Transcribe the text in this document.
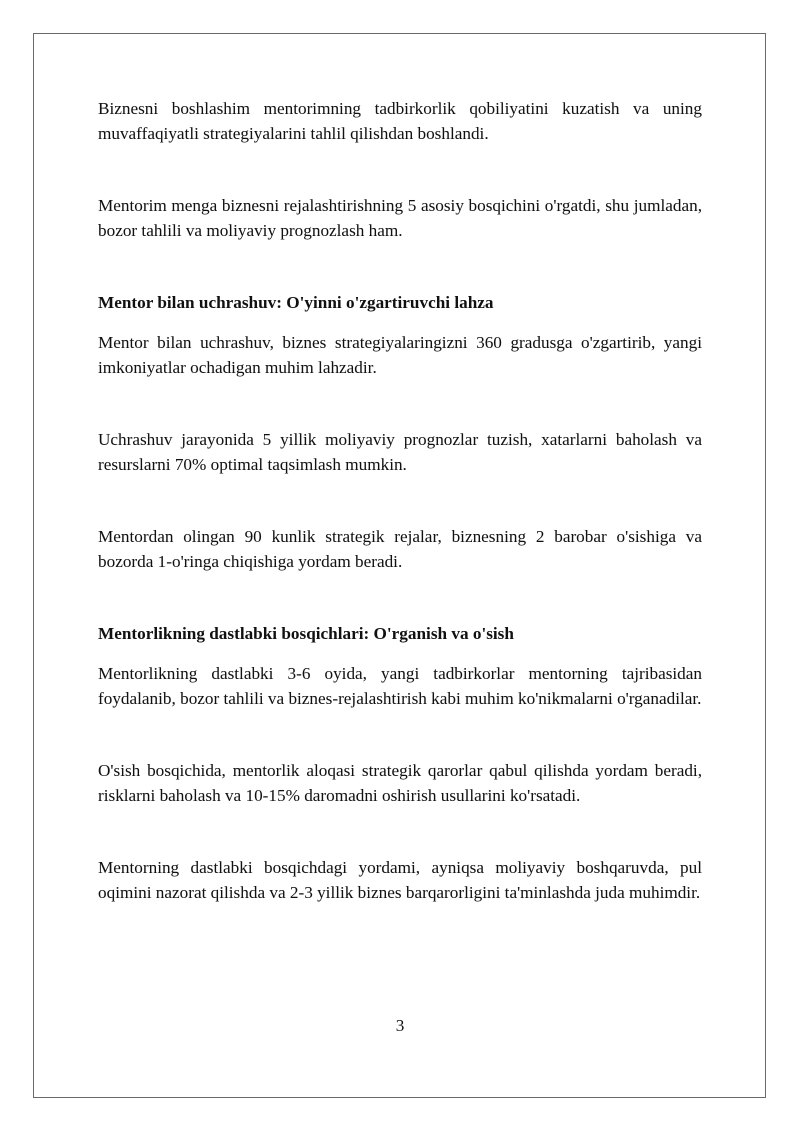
Biznesni boshlashim mentorimning tadbirkorlik qobiliyatini kuzatish va uning muvaffaqiyatli strategiyalarini tahlil qilishdan boshlandi.

Mentorim menga biznesni rejalashtirishning 5 asosiy bosqichini o'rgatdi, shu jumladan, bozor tahlili va moliyaviy prognozlash ham.

Mentor bilan uchrashuv: O'yinni o'zgartiruvchi lahza

Mentor bilan uchrashuv, biznes strategiyalaringizni 360 gradusga o'zgartirib, yangi imkoniyatlar ochadigan muhim lahzadir.

Uchrashuv jarayonida 5 yillik moliyaviy prognozlar tuzish, xatarlarni baholash va resurslarni 70% optimal taqsimlash mumkin.

Mentordan olingan 90 kunlik strategik rejalar, biznesning 2 barobar o'sishiga va bozorda 1-o'ringa chiqishiga yordam beradi.

Mentorlikning dastlabki bosqichlari: O'rganish va o'sish

Mentorlikning dastlabki 3-6 oyida, yangi tadbirkorlar mentorning tajribasidan foydalanib, bozor tahlili va biznes-rejalashtirish kabi muhim ko'nikmalarni o'rganadilar.

O'sish bosqichida, mentorlik aloqasi strategik qarorlar qabul qilishda yordam beradi, risklarni baholash va 10-15% daromadni oshirish usullarini ko'rsatadi.

Mentorning dastlabki bosqichdagi yordami, ayniqsa moliyaviy boshqaruvda, pul oqimini nazorat qilishda va 2-3 yillik biznes barqarorligini ta'minlashda juda muhimdir.

3
